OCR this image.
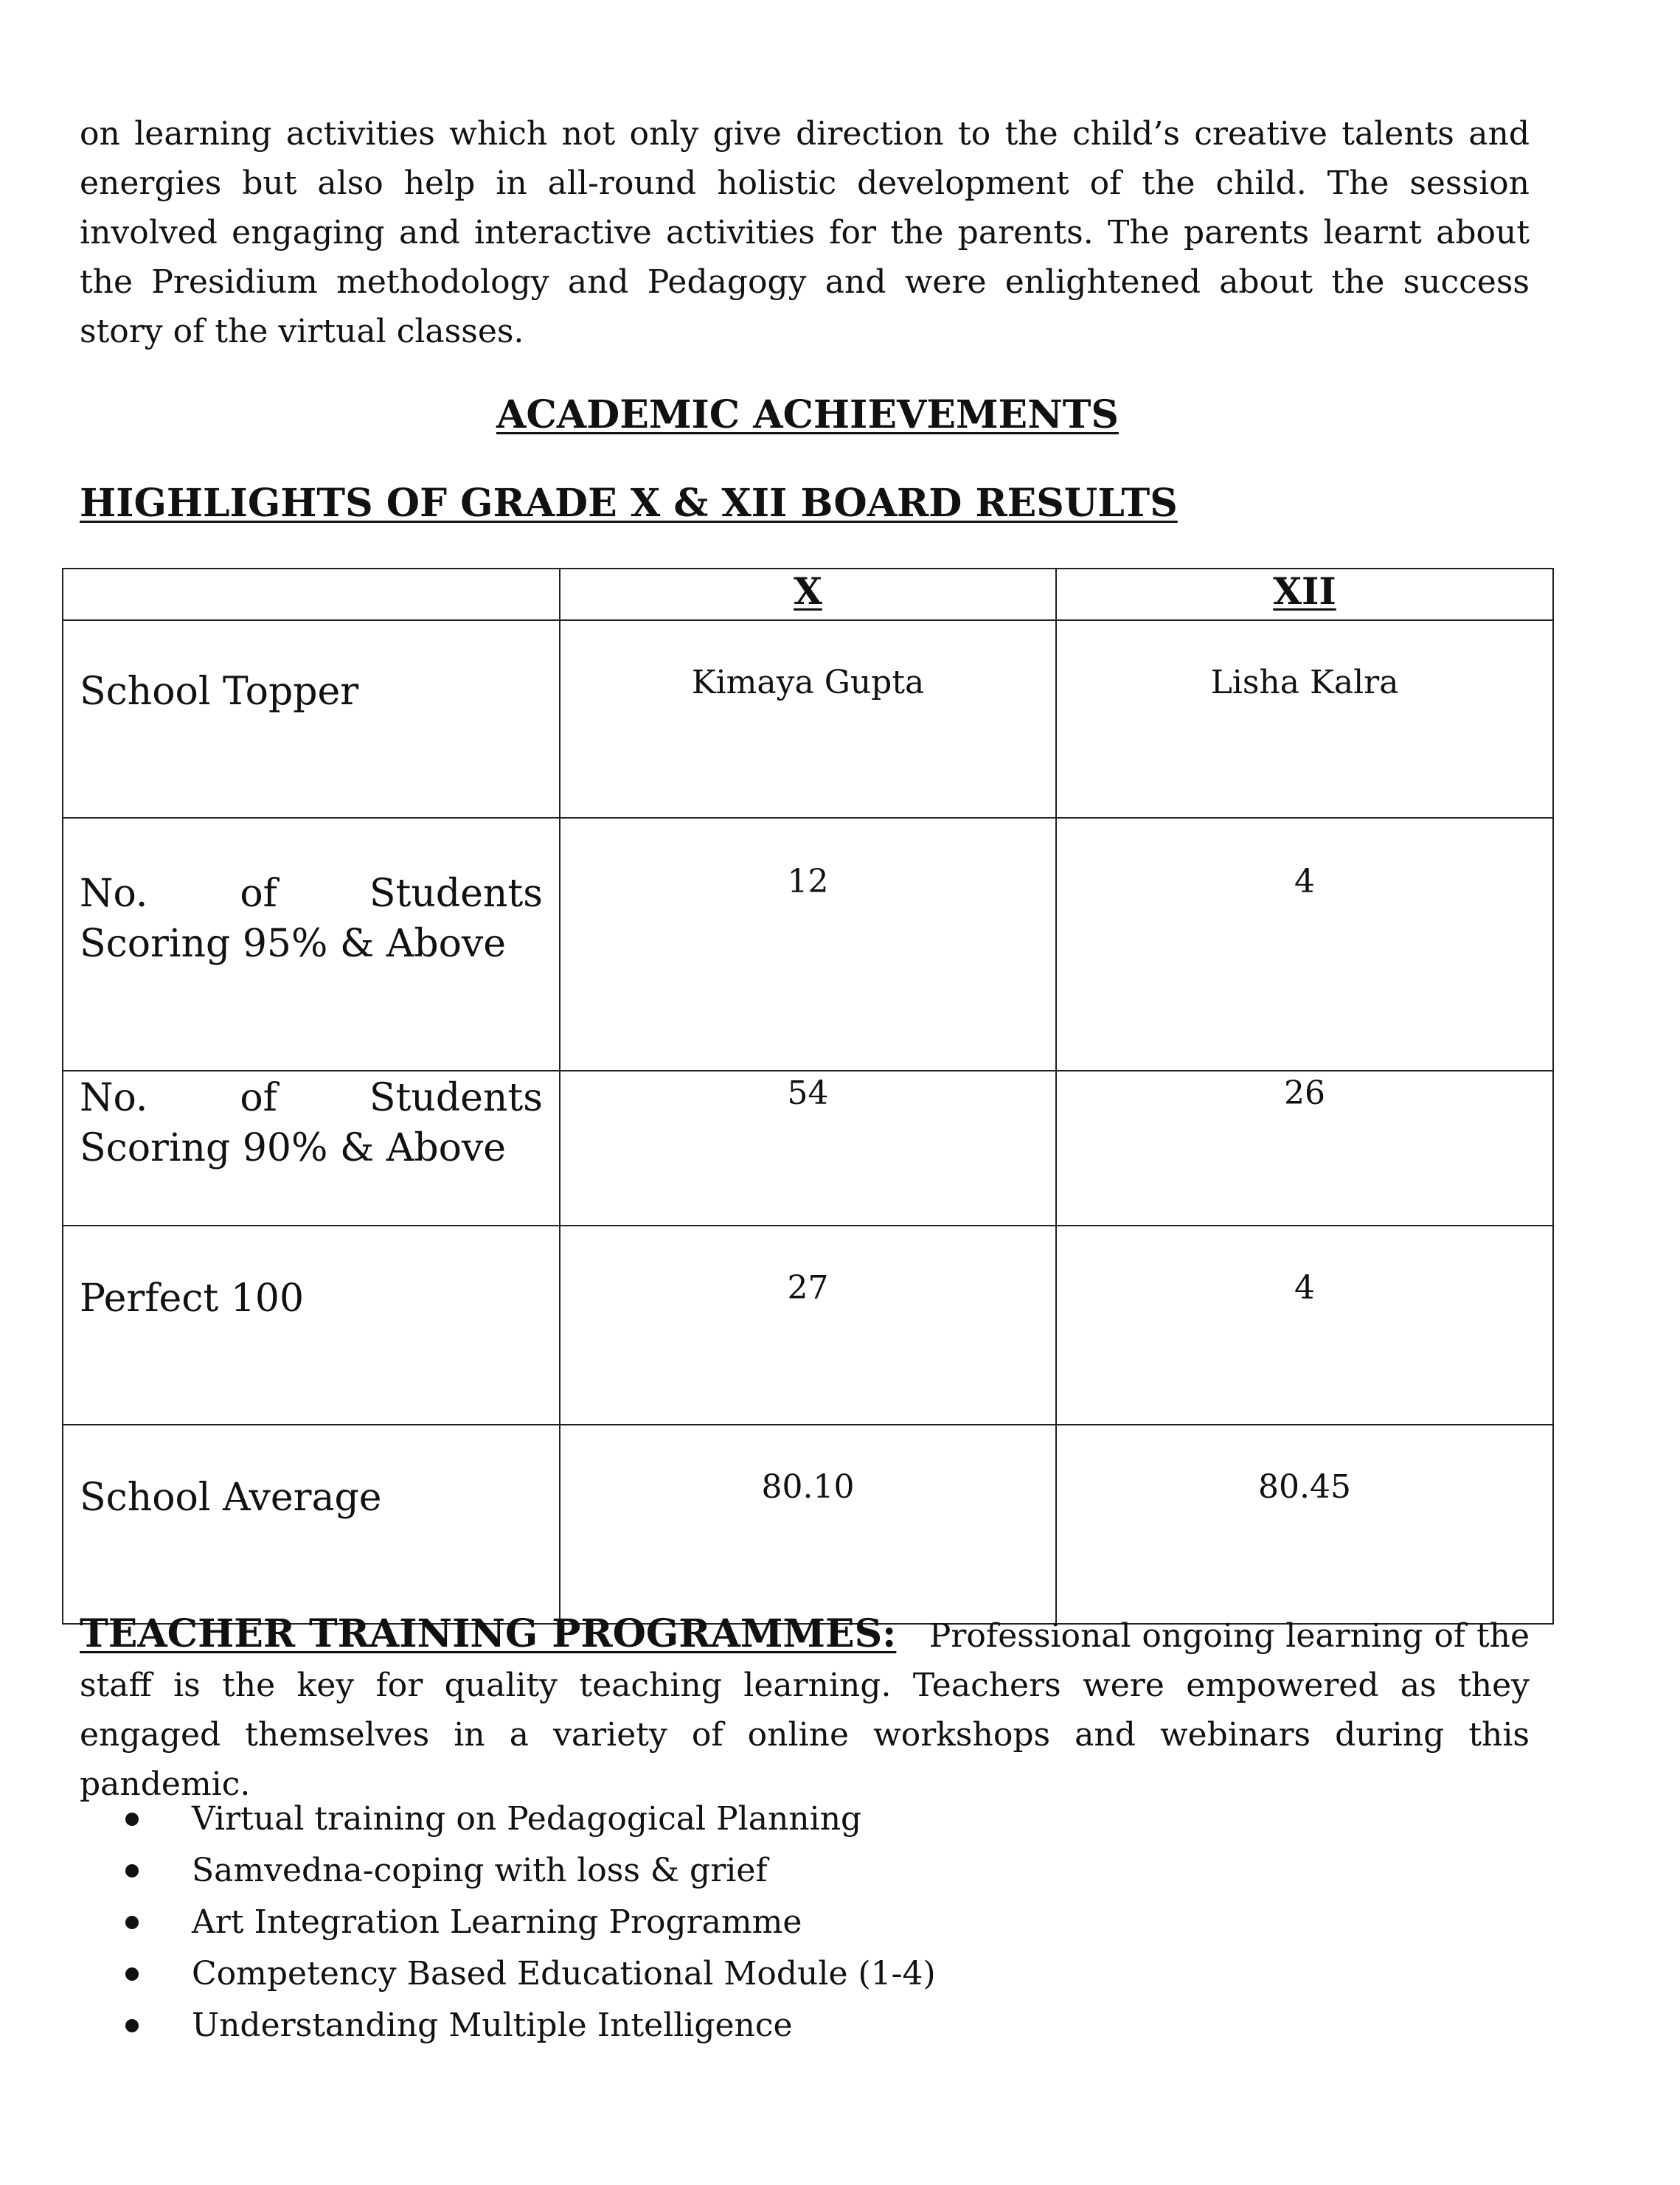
on learning activities which not only give direction to the child’s creative talents and energies but also help in all-round holistic development of the child. The session involved engaging and interactive activities for the parents. The parents learnt about the Presidium methodology and Pedagogy and were enlightened about the success story of the virtual classes.

ACADEMIC ACHIEVEMENTS
HIGHLIGHTS OF GRADE X & XII BOARD RESULTS
	X	XII
School Topper	Kimaya Gupta	Lisha Kalra
No. of Students Scoring 95% & Above	12	4
No. of Students Scoring 90% & Above	54	26
Perfect 100	27	4
School Average	80.10	80.45

TEACHER TRAINING PROGRAMMES: Professional ongoing learning of the staff is the key for quality teaching learning. Teachers were empowered as they engaged themselves in a variety of online workshops and webinars during this pandemic.

Virtual training on Pedagogical Planning
Samvedna-coping with loss & grief
Art Integration Learning Programme
Competency Based Educational Module (1-4)
Understanding Multiple Intelligence
